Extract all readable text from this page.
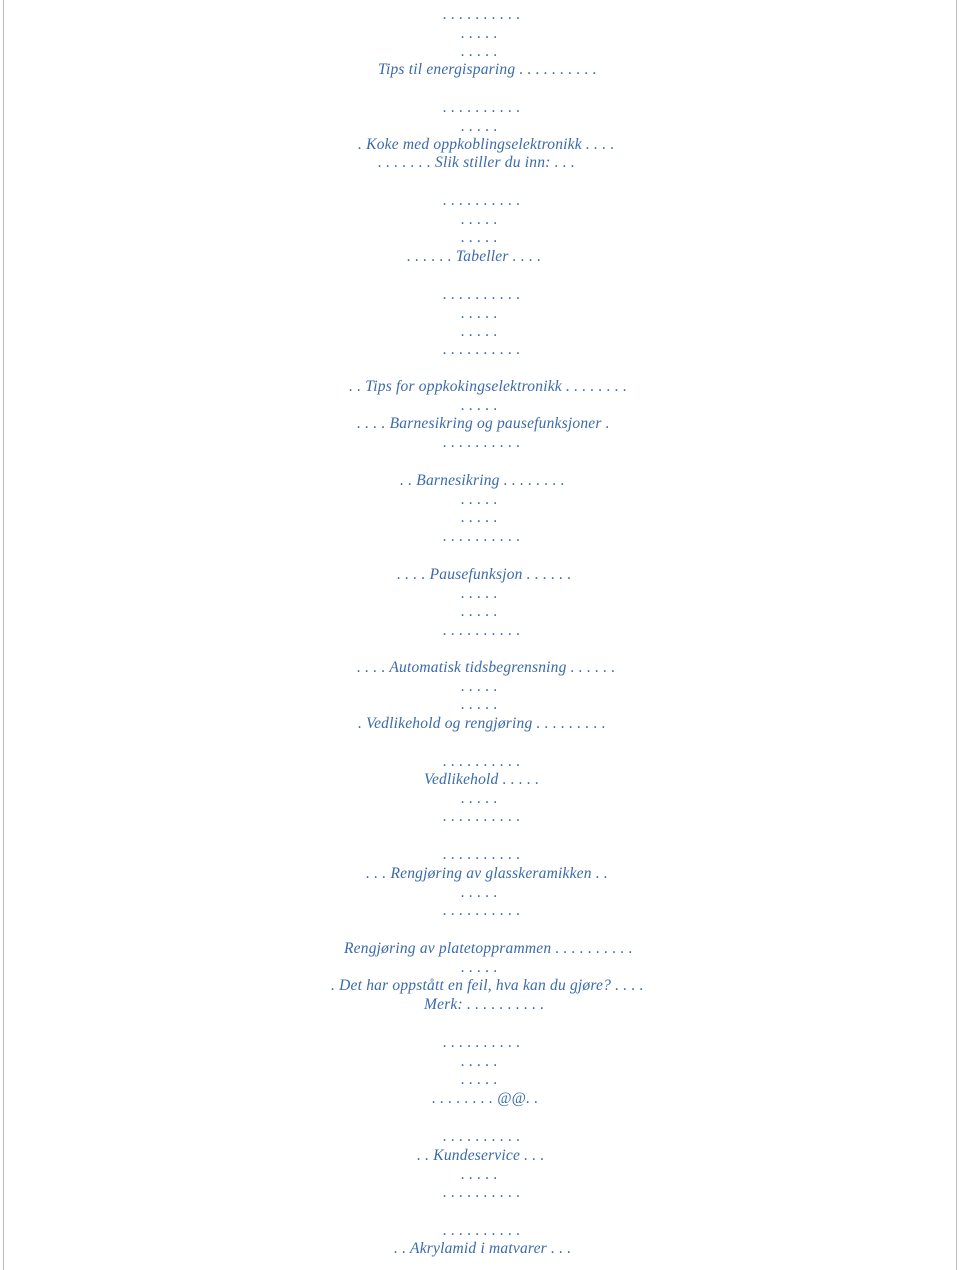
. . . . . . . . . .
. . . . .
. . . . .
Tips til energisparing . . . . . . . . . .
. . . . . . . . . .
. . . . .
. Koke med oppkoblingselektronikk . . . .
. . . . . . . Slik stiller du inn: . . .
. . . . . . . . . .
. . . . .
. . . . .
. . . . . . Tabeller . . . .
. . . . . . . . . .
. . . . .
. . . . .
. . . . . . . . . .
. . Tips for oppkokingselektronikk . . . . . . . .
. . . . .
. . . . Barnesikring og pausefunksjoner .
. . . . . . . . . .
. . Barnesikring . . . . . . . .
. . . . .
. . . . .
. . . . . . . . . .
. . . . Pausefunksjon . . . . . .
. . . . .
. . . . .
. . . . . . . . . .
. . . . Automatisk tidsbegrensning . . . . . .
. . . . .
. . . . .
. Vedlikehold og rengjøring . . . . . . . . .
. . . . . . . . . .
Vedlikehold . . . . .
. . . . .
. . . . . . . . . .
. . . . . . . . . .
. . . Rengjøring av glasskeramikken . .
. . . . .
. . . . . . . . . .
Rengjøring av platetopprammen . . . . . . . . . .
. . . . .
. Det har oppstått en feil, hva kan du gjøre? . . . .
Merk: . . . . . . . . . .
. . . . . . . . . .
. . . . .
. . . . .
. . . . . . . . @@. .
. . . . . . . . . .
. . Kundeservice . . .
. . . . .
. . . . . . . . . .
. . . . . . . . . .
. . Akrylamid i matvarer . . .
